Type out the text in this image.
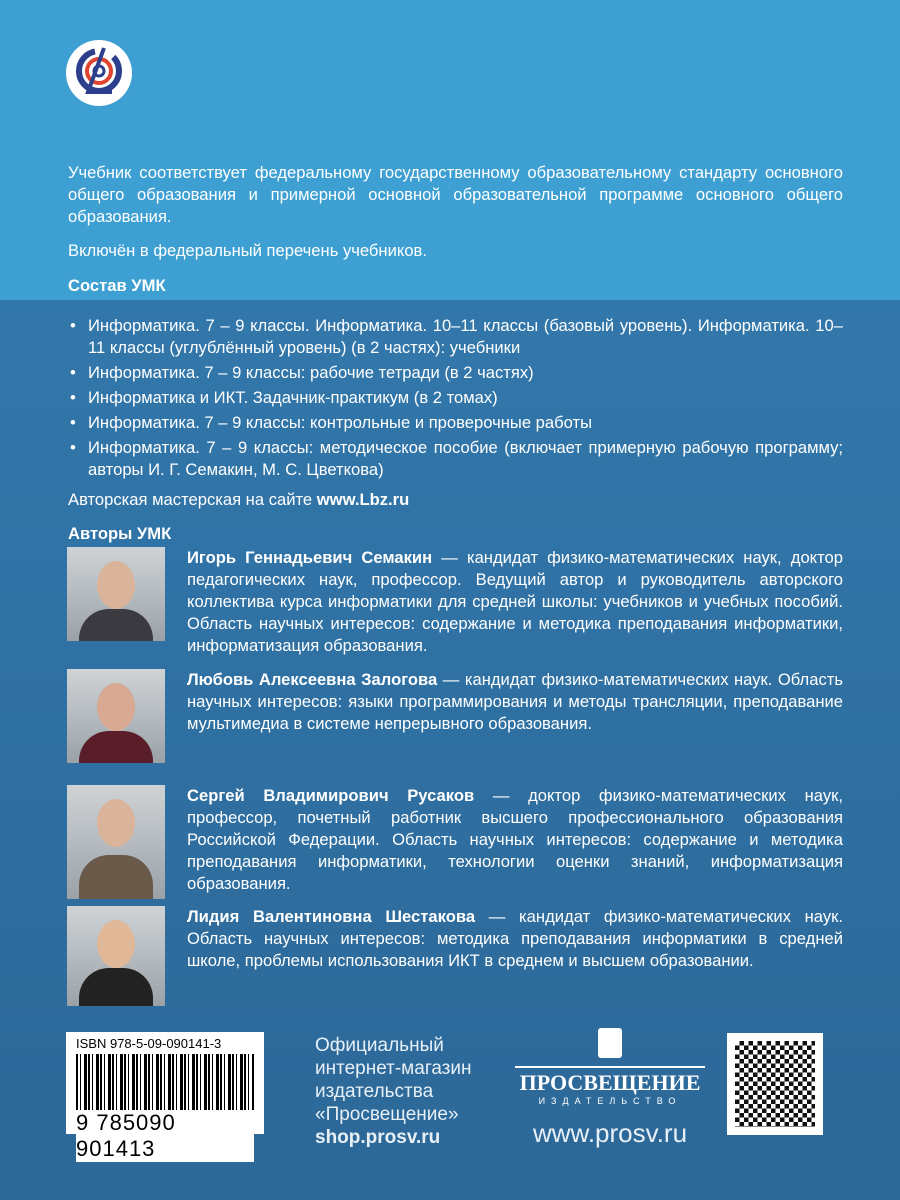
Учебник соответствует федеральному государственному образовательному стандарту основного общего образования и примерной основной образовательной программе основного общего образования.

Включён в федеральный перечень учебников.

Состав УМК
• Информатика. 7 – 9 классы. Информатика. 10–11 классы (базовый уровень). Информатика. 10–11 классы (углублённый уровень) (в 2 частях): учебники
• Информатика. 7 – 9 классы: рабочие тетради (в 2 частях)
• Информатика и ИКТ. Задачник-практикум (в 2 томах)
• Информатика. 7 – 9 классы: контрольные и проверочные работы
• Информатика. 7 – 9 классы: методическое пособие (включает примерную рабочую программу; авторы И. Г. Семакин, М. С. Цветкова)
Авторская мастерская на сайте www.Lbz.ru
Авторы УМК

Игорь Геннадьевич Семакин — кандидат физико-математических наук, доктор педагогических наук, профессор. Ведущий автор и руководитель авторского коллектива курса информатики для средней школы: учебников и учебных пособий. Область научных интересов: содержание и методика преподавания информатики, информатизация образования.

Любовь Алексеевна Залогова — кандидат физико-математических наук. Область научных интересов: языки программирования и методы трансляции, преподавание мультимедиа в системе непрерывного образования.

Сергей Владимирович Русаков — доктор физико-математических наук, профессор, почетный работник высшего профессионального образования Российской Федерации. Область научных интересов: содержание и методика преподавания информатики, технологии оценки знаний, информатизация образования.

Лидия Валентиновна Шестакова — кандидат физико-математических наук. Область научных интересов: методика преподавания информатики в средней школе, проблемы использования ИКТ в среднем и высшем образовании.

ISBN 978-5-09-090141-3
9 785090 901413
Официальный
интернет-магазин
издательства
«Просвещение»
shop.prosv.ru
ПРОСВЕЩЕНИЕ
ИЗДАТЕЛЬСТВО
www.prosv.ru
